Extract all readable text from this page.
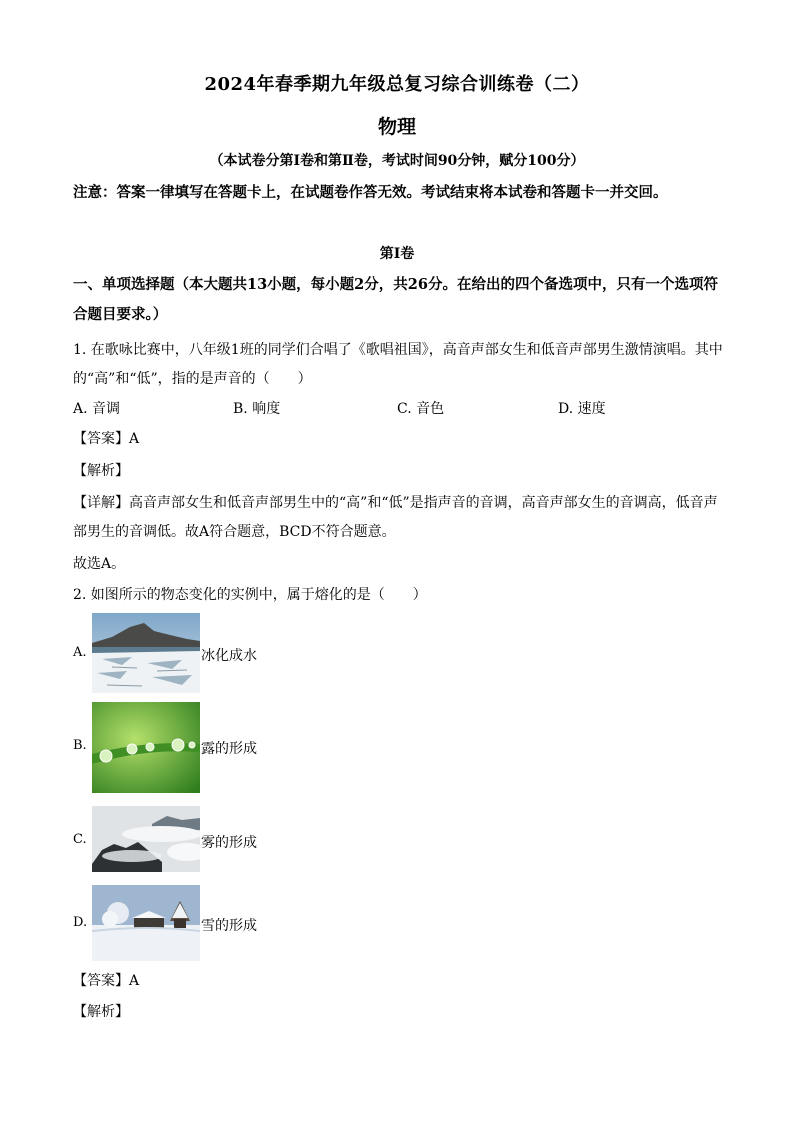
2024年春季期九年级总复习综合训练卷（二）
物理
（本试卷分第Ⅰ卷和第Ⅱ卷，考试时间90分钟，赋分100分）
注意：答案一律填写在答题卡上，在试题卷作答无效。考试结束将本试卷和答题卡一并交回。
第Ⅰ卷
一、单项选择题（本大题共13小题，每小题2分，共26分。在给出的四个备选项中，只有一个选项符合题目要求。）
1. 在歌咏比赛中，八年级1班的同学们合唱了《歌唱祖国》，高音声部女生和低音声部男生激情演唱。其中的“高”和“低”，指的是声音的（　　）
A. 音调	B. 响度	C. 音色	D. 速度
【答案】A
【解析】
【详解】高音声部女生和低音声部男生中的“高”和“低”是指声音的音调，高音声部女生的音调高，低音声部男生的音调低。故A符合题意，BCD不符合题意。
故选A。
2. 如图所示的物态变化的实例中，属于熔化的是（　　）
A.	冰化成水
B.	露的形成
C.	雾的形成
D.	雪的形成
【答案】A
【解析】
